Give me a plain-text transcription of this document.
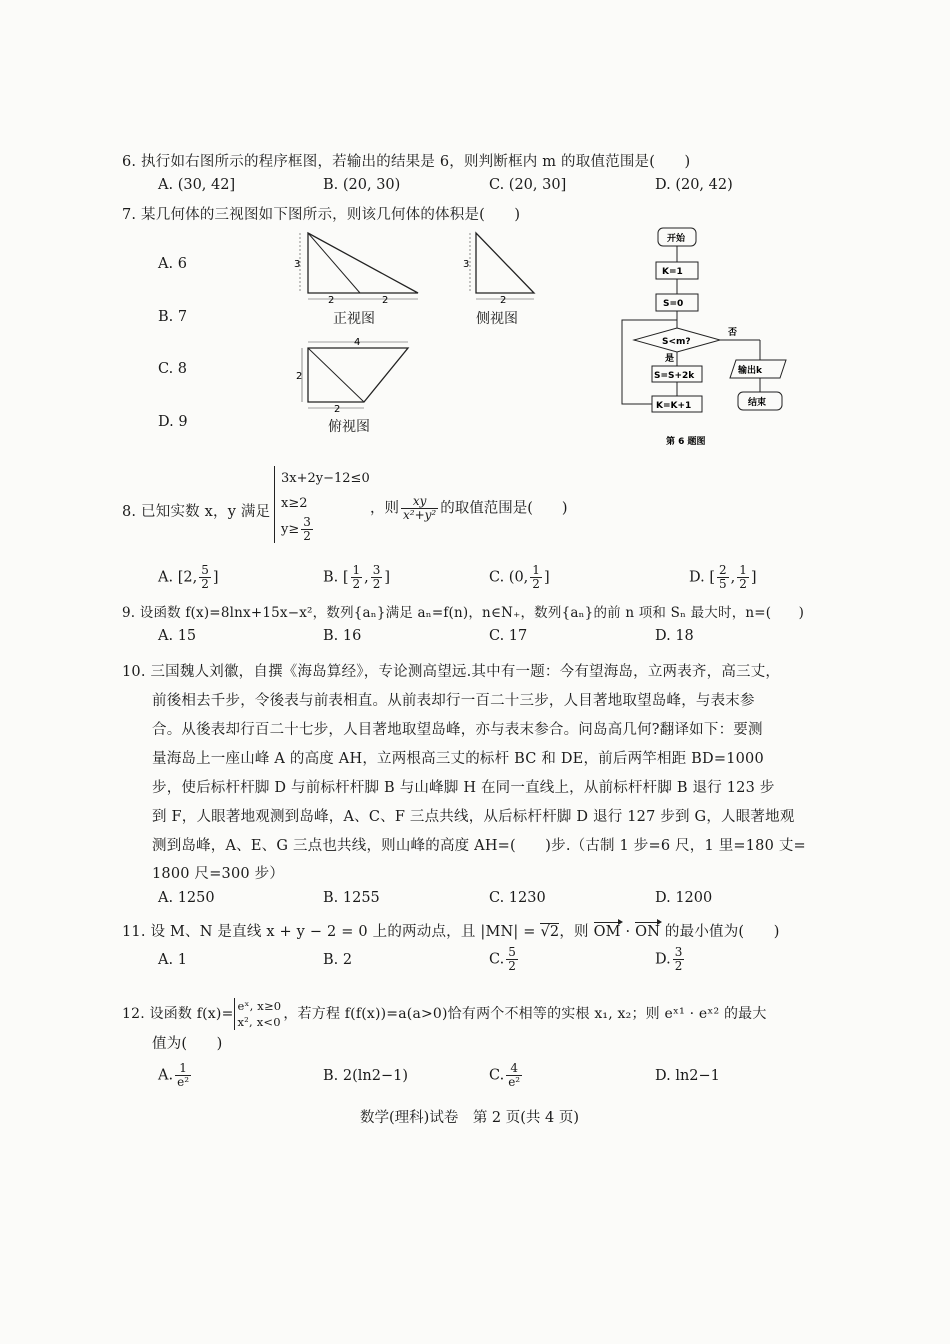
6. 执行如右图所示的程序框图，若输出的结果是 6，则判断框内 m 的取值范围是(　　)
A. (30, 42]	B. (20, 30)	C. (20, 30]	D. (20, 42)
7. 某几何体的三视图如下图所示，则该几何体的体积是(　　)
A. 6
B. 7
C. 8
D. 9
3
2	2
正视图
3
2
侧视图
4
2
2
俯视图
开始
K=1
S=0
S<m?
否
是
S=S+2k
K=K+1
输出k
结束
第 6 题图
8. 已知实数 x，y 满足
3x+2y−12≤0
x≥2
$y\ge \frac{3}{2}$
，则 $\frac{xy}{\text{x²+y²}}$ 的取值范围是(　　)
A. [2, $\frac{5}{2}$ ]	B. [ $\frac{1}{2}$ , $\frac{3}{2}$ ]	C. (0, $\frac{1}{2}$ ]	D. [ $\frac{2}{5}$ , $\frac{1}{2}$ ]
9. 设函数 f(x)=8lnx+15x−x²，数列{aₙ}满足 aₙ=f(n)，n∈N₊，数列{aₙ}的前 n 项和 Sₙ 最大时，n=(　　)
A. 15	B. 16	C. 17	D. 18
10. 三国魏人刘徽，自撰《海岛算经》，专论测高望远.其中有一题：今有望海岛，立两表齐，高三丈，
前後相去千步，令後表与前表相直。从前表却行一百二十三步，人目著地取望岛峰，与表末参
合。从後表却行百二十七步，人目著地取望岛峰，亦与表末参合。问岛高几何?翻译如下：要测
量海岛上一座山峰 A 的高度 AH，立两根高三丈的标杆 BC 和 DE，前后两竿相距 BD=1000
步，使后标杆杆脚 D 与前标杆杆脚 B 与山峰脚 H 在同一直线上，从前标杆杆脚 B 退行 123 步
到 F，人眼著地观测到岛峰，A、C、F 三点共线，从后标杆杆脚 D 退行 127 步到 G，人眼著地观
测到岛峰，A、E、G 三点也共线，则山峰的高度 AH=(　　)步.（古制 1 步=6 尺，1 里=180 丈=
1800 尺=300 步）
A. 1250	B. 1255	C. 1230	D. 1200
11. 设 M、N 是直线 x + y − 2 = 0 上的两动点，且 |MN| = √2，则 OM · ON 的最小值为(　　)
A. 1	B. 2	C. $\frac{5}{2}$	D. $\frac{3}{2}$
12. 设函数 f(x)= eˣ, x≥0
x², x<0 ，若方程 f(f(x))=a(a>0)恰有两个不相等的实根 x₁, x₂；则 eˣ¹ · eˣ² 的最大
值为(　　)
A. $\frac{1}{\text{e²}}$	B. 2(ln2−1)	C. $\frac{4}{\text{e²}}$	D. ln2−1
数学(理科)试卷　第 2 页(共 4 页)
